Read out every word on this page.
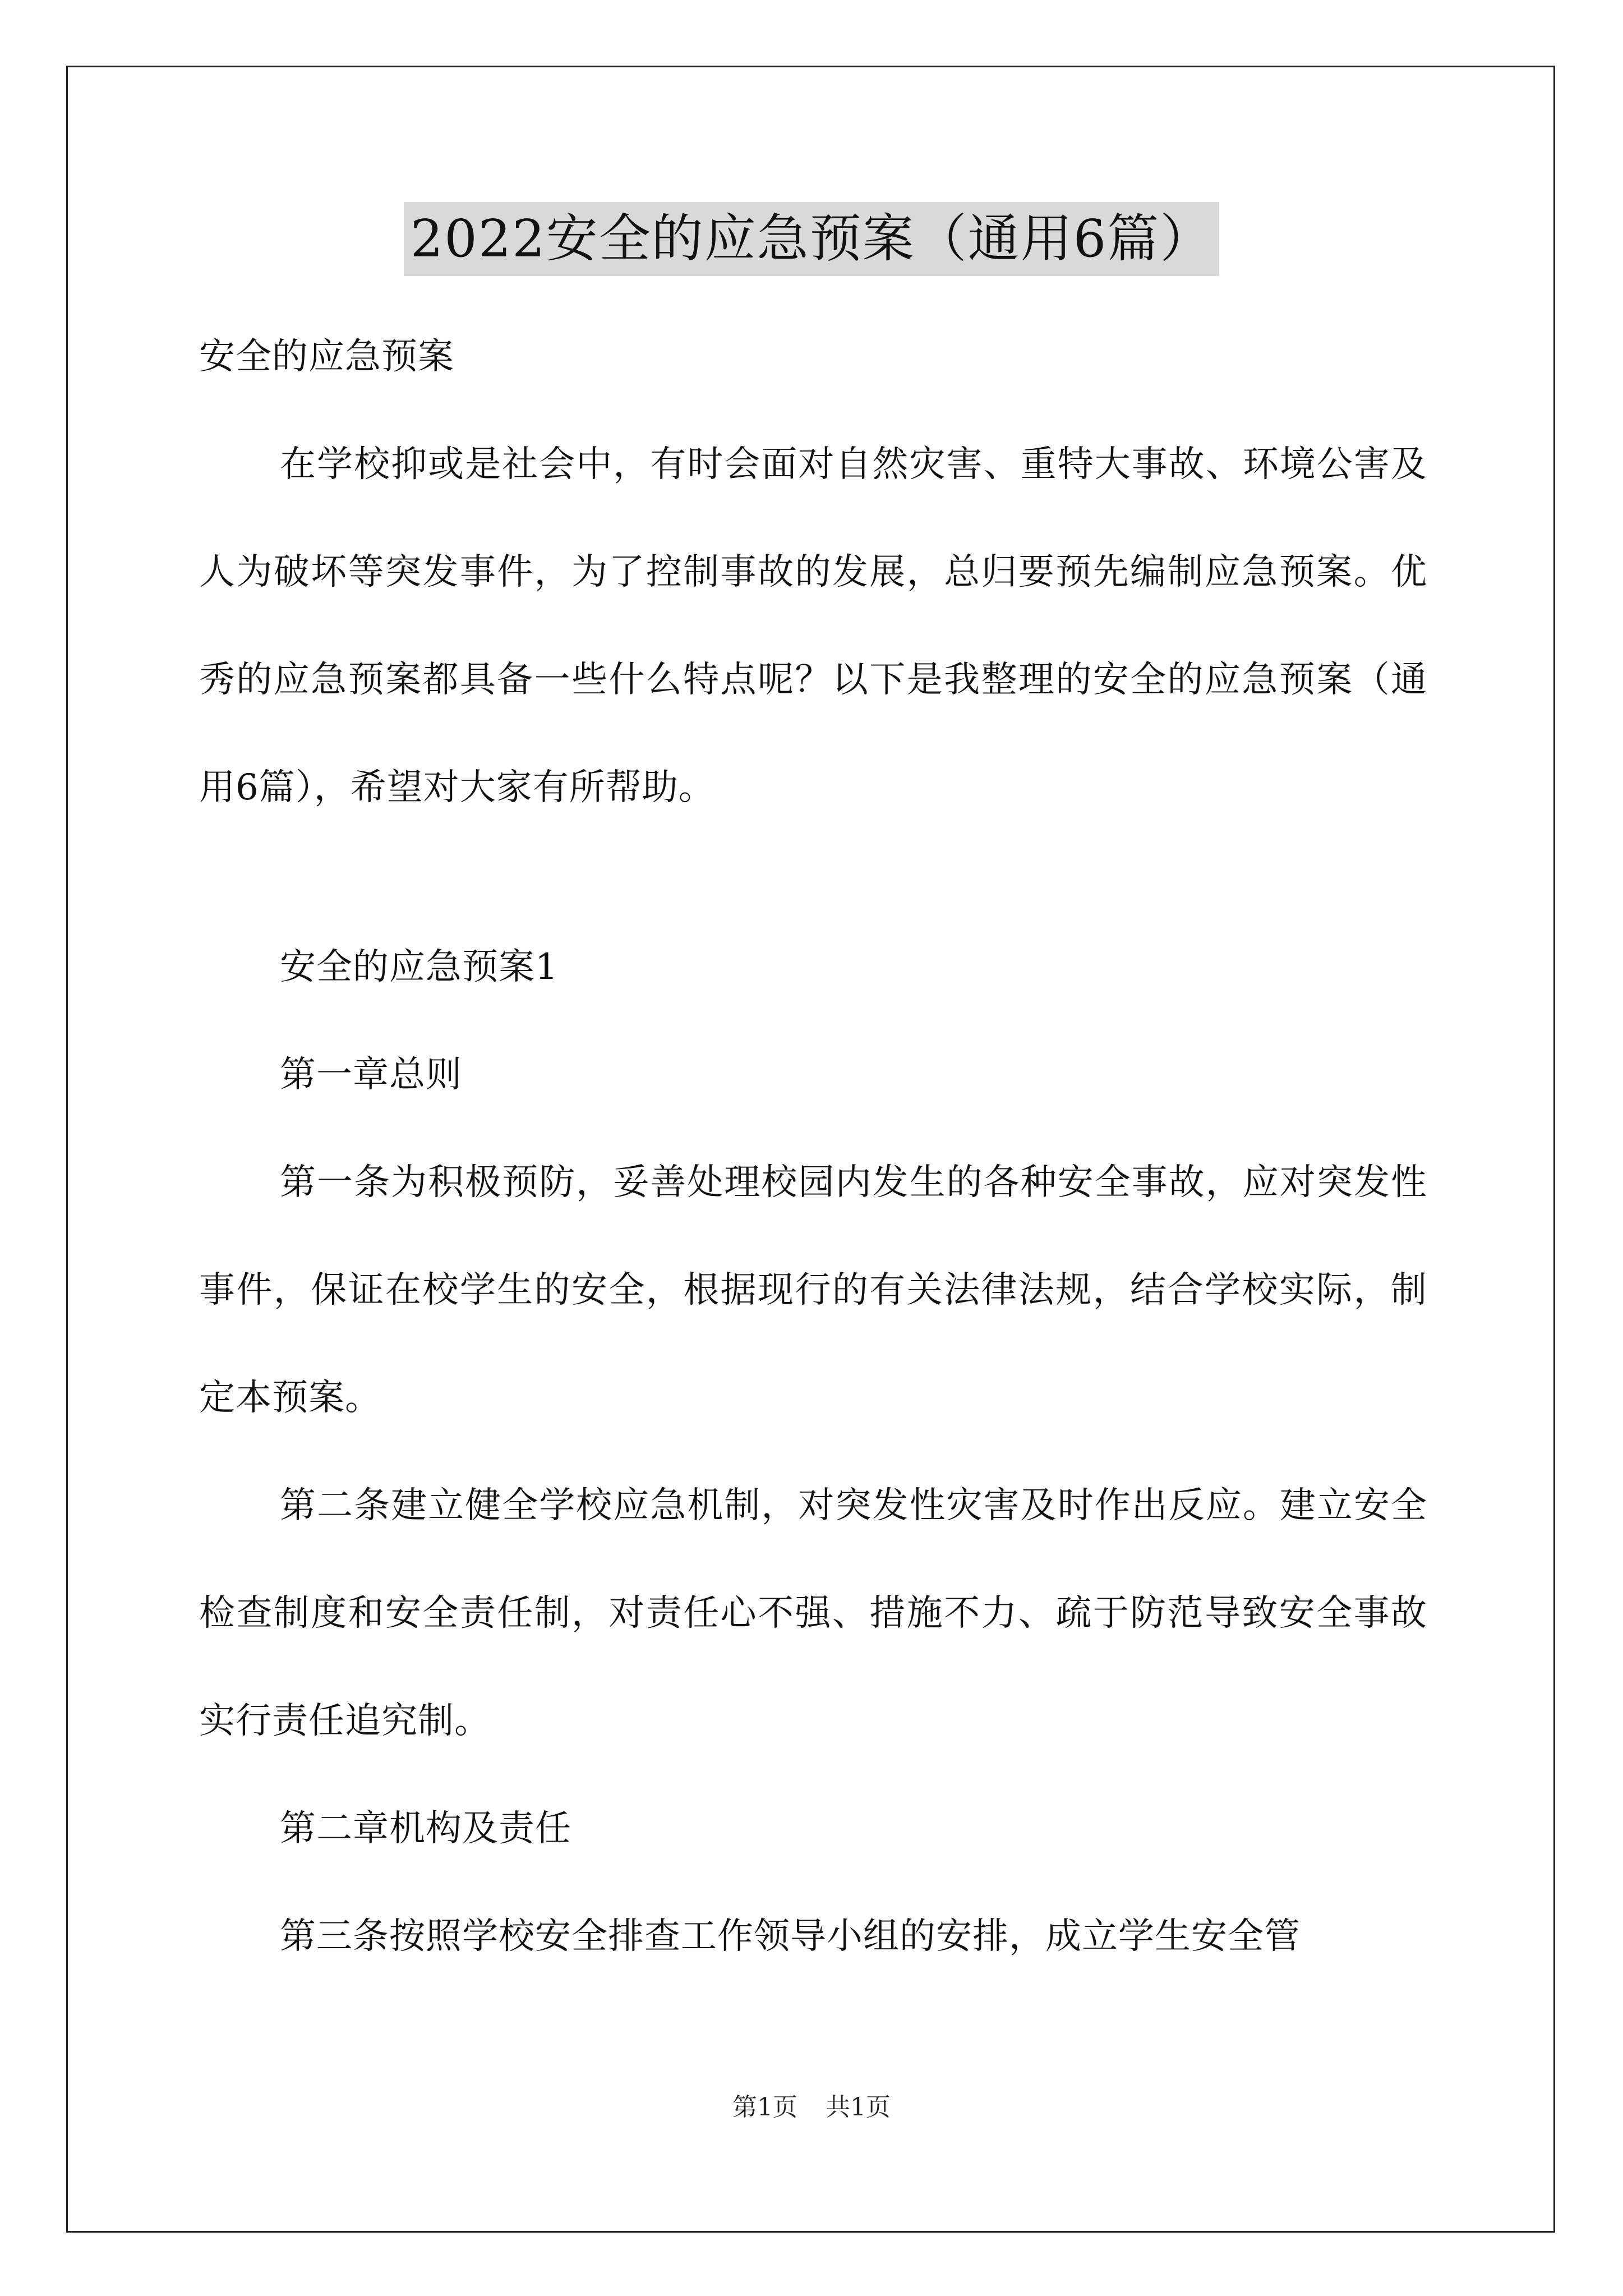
2022安全的应急预案（通用6篇）

安全的应急预案

在学校抑或是社会中，有时会面对自然灾害、重特大事故、环境公害及人为破坏等突发事件，为了控制事故的发展，总归要预先编制应急预案。优秀的应急预案都具备一些什么特点呢？以下是我整理的安全的应急预案（通用6篇），希望对大家有所帮助。

安全的应急预案1

第一章总则

第一条为积极预防，妥善处理校园内发生的各种安全事故，应对突发性事件，保证在校学生的安全，根据现行的有关法律法规，结合学校实际，制定本预案。

第二条建立健全学校应急机制，对突发性灾害及时作出反应。建立安全检查制度和安全责任制，对责任心不强、措施不力、疏于防范导致安全事故实行责任追究制。

第二章机构及责任

第三条按照学校安全排查工作领导小组的安排，成立学生安全管

第1页 共1页
